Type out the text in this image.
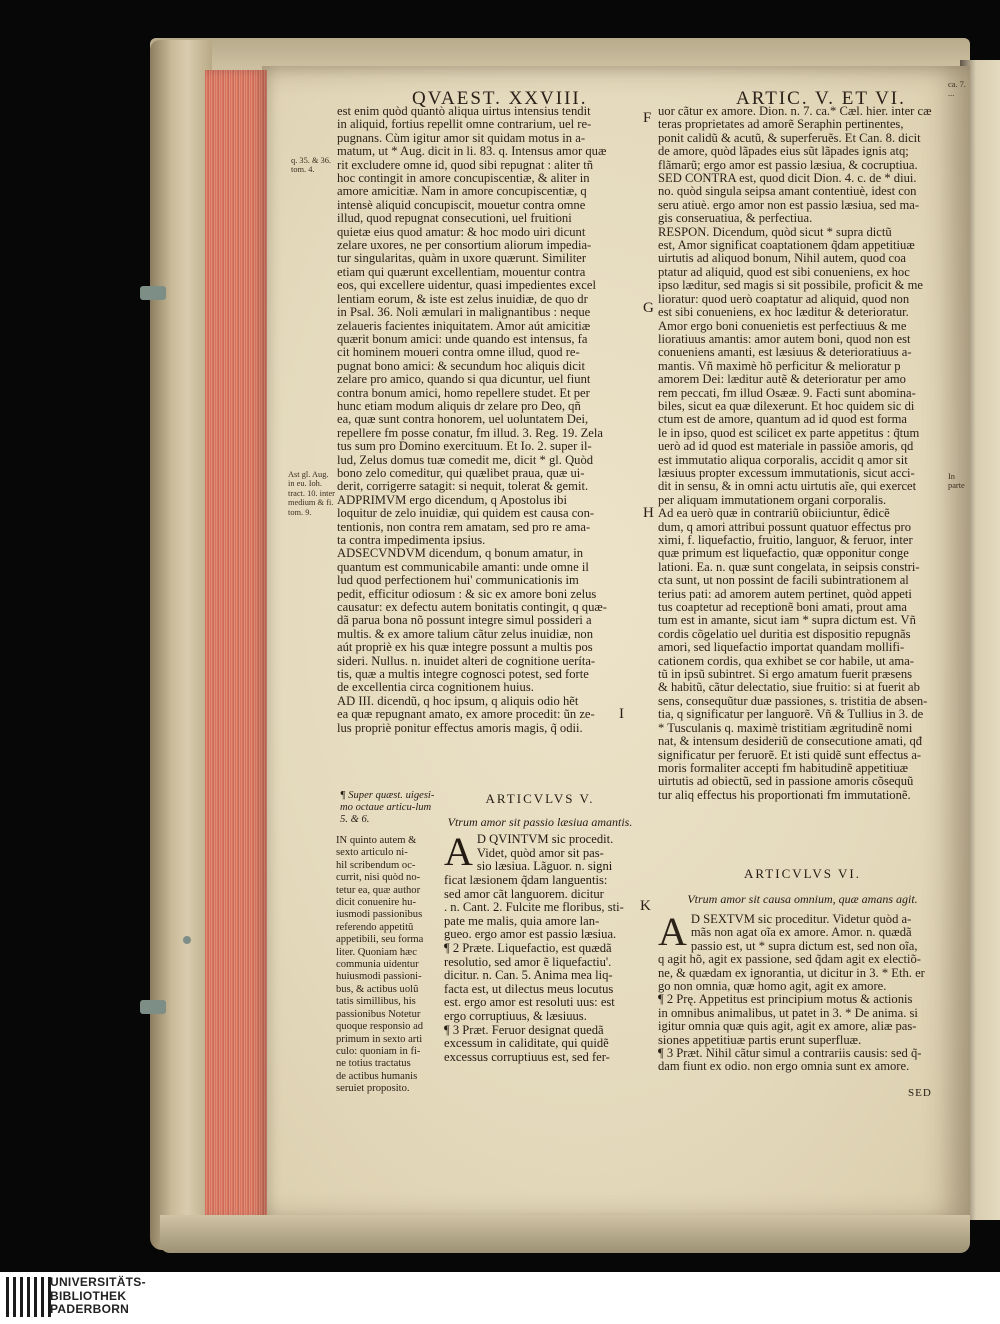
QVAEST. XXVIII.	ARTIC. V. ET VI.
F
G
H
I
K
q. 35. & 36. tom. 4.
Ast gl. Aug. in eu. Ioh. tract. 10. inter medium & fi. tom. 9.
ca. 7. ...
In parte

est enim quòd quantò aliqua uirtus intensius tendit

in aliquid, fortius repellit omne contrarium, uel re-

pugnans. Cùm igitur amor sit quidam motus in a-

matum, ut * Aug. dicit in li. 83. q. Intensus amor quæ

rit excludere omne id, quod sibi repugnat : aliter tñ

hoc contingit in amore concupiscentiæ, & aliter in

amore amicitiæ. Nam in amore concupiscentiæ, q

intensè aliquid concupiscit, mouetur contra omne

illud, quod repugnat consecutioni, uel fruitioni

quietæ eius quod amatur: & hoc modo uiri dicunt

zelare uxores, ne per consortium aliorum impedia-

tur singularitas, quàm in uxore quærunt. Similiter

etiam qui quærunt excellentiam, mouentur contra

eos, qui excellere uidentur, quasi impedientes excel

lentiam eorum, & iste est zelus inuidiæ, de quo dr

in Psal. 36. Noli æmulari in malignantibus : neque

zelaueris facientes iniquitatem. Amor aút amicitiæ

quærit bonum amici: unde quando est intensus, fa

cit hominem moueri contra omne illud, quod re-

pugnat bono amici: & secundum hoc aliquis dicit

zelare pro amico, quando si qua dicuntur, uel fiunt

contra bonum amici, homo repellere studet. Et per

hunc etiam modum aliquis dr zelare pro Deo, qñ

ea, quæ sunt contra honorem, uel uoluntatem Dei,

repellere fm posse conatur, fm illud. 3. Reg. 19. Zela

tus sum pro Domino exercituum. Et Io. 2. super il-

lud, Zelus domus tuæ comedit me, dicit * gl. Quòd

bono zelo comeditur, qui quælibet praua, quæ ui-

derit, corrigerre satagit: si nequit, tolerat & gemit.

ADPRIMVM ergo dicendum, q Apostolus ibi

loquitur de zelo inuidiæ, qui quidem est causa con-

tentionis, non contra rem amatam, sed pro re ama-

ta contra impedimenta ipsius.

ADSECVNDVM dicendum, q bonum amatur, in

quantum est communicabile amanti: unde omne il

lud quod perfectionem hui' communicationis im

pedit, efficitur odiosum : & sic ex amore boni zelus

causatur: ex defectu autem bonitatis contingit, q quæ-

dã parua bona nõ possunt integre simul possideri a

multis. & ex amore talium cãtur zelus inuidiæ, non

aút propriè ex his quæ integre possunt a multis pos

sideri. Nullus. n. inuidet alteri de cognitione ueríta-

tis, quæ a multis integre cognosci potest, sed forte

de excellentia circa cognitionem huius.

AD III. dicendũ, q hoc ipsum, q aliquis odio hẽt

ea quæ repugnant amato, ex amore procedit: ũn ze-

lus propriè ponitur effectus amoris magis, q̃ odii.

uor cãtur ex amore. Dion. n. 7. ca.* Cæl. hier. inter cæ

teras proprietates ad amorẽ Seraphin pertinentes,

ponit calidũ & acutũ, & superferuẽs. Et Can. 8. dicit

de amore, quòd lãpades eius sũt lãpades ignis atq;

flãmarũ; ergo amor est passio læsiua, & cocruptiua.

SED CONTRA est, quod dicit Dion. 4. c. de * diui.

no. quòd singula seipsa amant contentiuè, idest con

seru atiuè. ergo amor non est passio læsiua, sed ma-

gis conseruatiua, & perfectiua.

RESPON. Dicendum, quòd sicut * supra dictũ

est, Amor significat coaptationem q̃dam appetitiuæ

uirtutis ad aliquod bonum, Nihil autem, quod coa

ptatur ad aliquid, quod est sibi conueniens, ex hoc

ipso læditur, sed magis si sit possibile, proficit & me

lioratur: quod uerò coaptatur ad aliquid, quod non

est sibi conueniens, ex hoc læditur & deterioratur.

Amor ergo boni conuenietis est perfectiuus & me

lioratiuus amantis: amor autem boni, quod non est

conueniens amanti, est læsiuus & deterioratiuus a-

mantis. Vñ maximè hõ perficitur & melioratur p

amorem Dei: læditur autẽ & deterioratur per amo

rem peccati, fm illud Osææ. 9. Facti sunt abomina-

biles, sicut ea quæ dilexerunt. Et hoc quidem sic di

ctum est de amore, quantum ad id quod est forma

le in ipso, quod est scilicet ex parte appetitus : q̃tum

uerò ad id quod est materiale in passiõe amoris, qd

est immutatio aliqua corporalis, accidit q amor sit

læsiuus propter excessum immutationis, sicut acci-

dit in sensu, & in omni actu uirtutis aĩe, qui exercet

per aliquam immutationem organi corporalis.

Ad ea uerò quæ in contrariũ obiiciuntur, ẽdicẽ

dum, q amori attribui possunt quatuor effectus pro

ximi, f. liquefactio, fruitio, languor, & feruor, inter

quæ primum est liquefactio, quæ opponitur conge

lationi. Ea. n. quæ sunt congelata, in seipsis constri-

cta sunt, ut non possint de facili subintrationem al

terius pati: ad amorem autem pertinet, quòd appeti

tus coaptetur ad receptionẽ boni amati, prout ama

tum est in amante, sicut iam * supra dictum est. Vñ

cordis cõgelatio uel duritia est dispositio repugnãs

amori, sed liquefactio importat quandam mollifi-

cationem cordis, qua exhibet se cor habile, ut ama-

tũ in ipsũ subintret. Si ergo amatum fuerit præsens

& habitũ, cãtur delectatio, siue fruitio: si at fuerit ab

sens, consequũtur duæ passiones, s. tristitia de absen-

tia, q significatur per languorẽ. Vñ & Tullius in 3. de

* Tusculanis q. maximè tristitiam ægritudinẽ nomi

nat, & intensum desideriũ de consecutione amati, qđ

significatur per feruorẽ. Et isti quidẽ sunt effectus a-

moris formaliter accepti fm habitudinẽ appetitiuæ

uirtutis ad obiectũ, sed in passione amoris cõsequũ

tur aliq effectus his proportionati fm immutationẽ.

¶ Super quæst. uigesi-mo octaue articu-lum 5. & 6.

IN quinto autem &

sexto articulo ni-

hil scribendum oc-

currit, nisi quòd no-

tetur ea, quæ author

dicit conuenire hu-

iusmodi passionibus

referendo appetitũ

appetibili, seu forma

liter. Quoniam hæc

communia uidentur

huiusmodi passioni-

bus, & actibus uolũ

tatis simillibus, his

passionibus Notetur

quoque responsio ad

primum in sexto arti

culo: quoniam in fi-

ne totius tractatus

de actibus humanis

seruiet proposito.

ARTICVLVS V.
Vtrum amor sit passio læsiua amantis.
A D QVINTVM sic procedit.

Videt, quòd amor sit pas-

sio læsiua. Lãguor. n. signi

ficat læsionem q̃dam languentis:

sed amor cãt languorem. dicitur

. n. Cant. 2. Fulcite me floribus, sti-

pate me malis, quia amore lan-

gueo. ergo amor est passio læsiua.

¶ 2 Præte. Liquefactio, est quædã

resolutio, sed amor ẽ liquefactiu'.

dicitur. n. Can. 5. Anima mea liq-

facta est, ut dilectus meus locutus

est. ergo amor est resoluti uus: est

ergo corruptiuus, & læsiuus.

¶ 3 Præt. Feruor designat quedã

excessum in caliditate, qui quidẽ

excessus corruptiuus est, sed fer-

ARTICVLVS VI.
Vtrum amor sit causa omnium, quæ amans agit.
A D SEXTVM sic proceditur. Videtur quòd a-

mãs non agat oĩa ex amore. Amor. n. quædã

passio est, ut * supra dictum est, sed non oĩa,

q agit hõ, agit ex passione, sed q̃dam agit ex electiõ-

ne, & quædam ex ignorantia, ut dicitur in 3. * Eth. er

go non omnia, quæ homo agit, agit ex amore.

¶ 2 Prę. Appetitus est principium motus & actionis

in omnibus animalibus, ut patet in 3. * De anima. si

igitur omnia quæ quis agit, agit ex amore, aliæ pas-

siones appetitiuæ partis erunt superfluæ.

¶ 3 Præt. Nihil cãtur simul a contrariis causis: sed q̃-

dam fiunt ex odio. non ergo omnia sunt ex amore.

SED
UNIVERSITÄTS-
BIBLIOTHEK
PADERBORN
